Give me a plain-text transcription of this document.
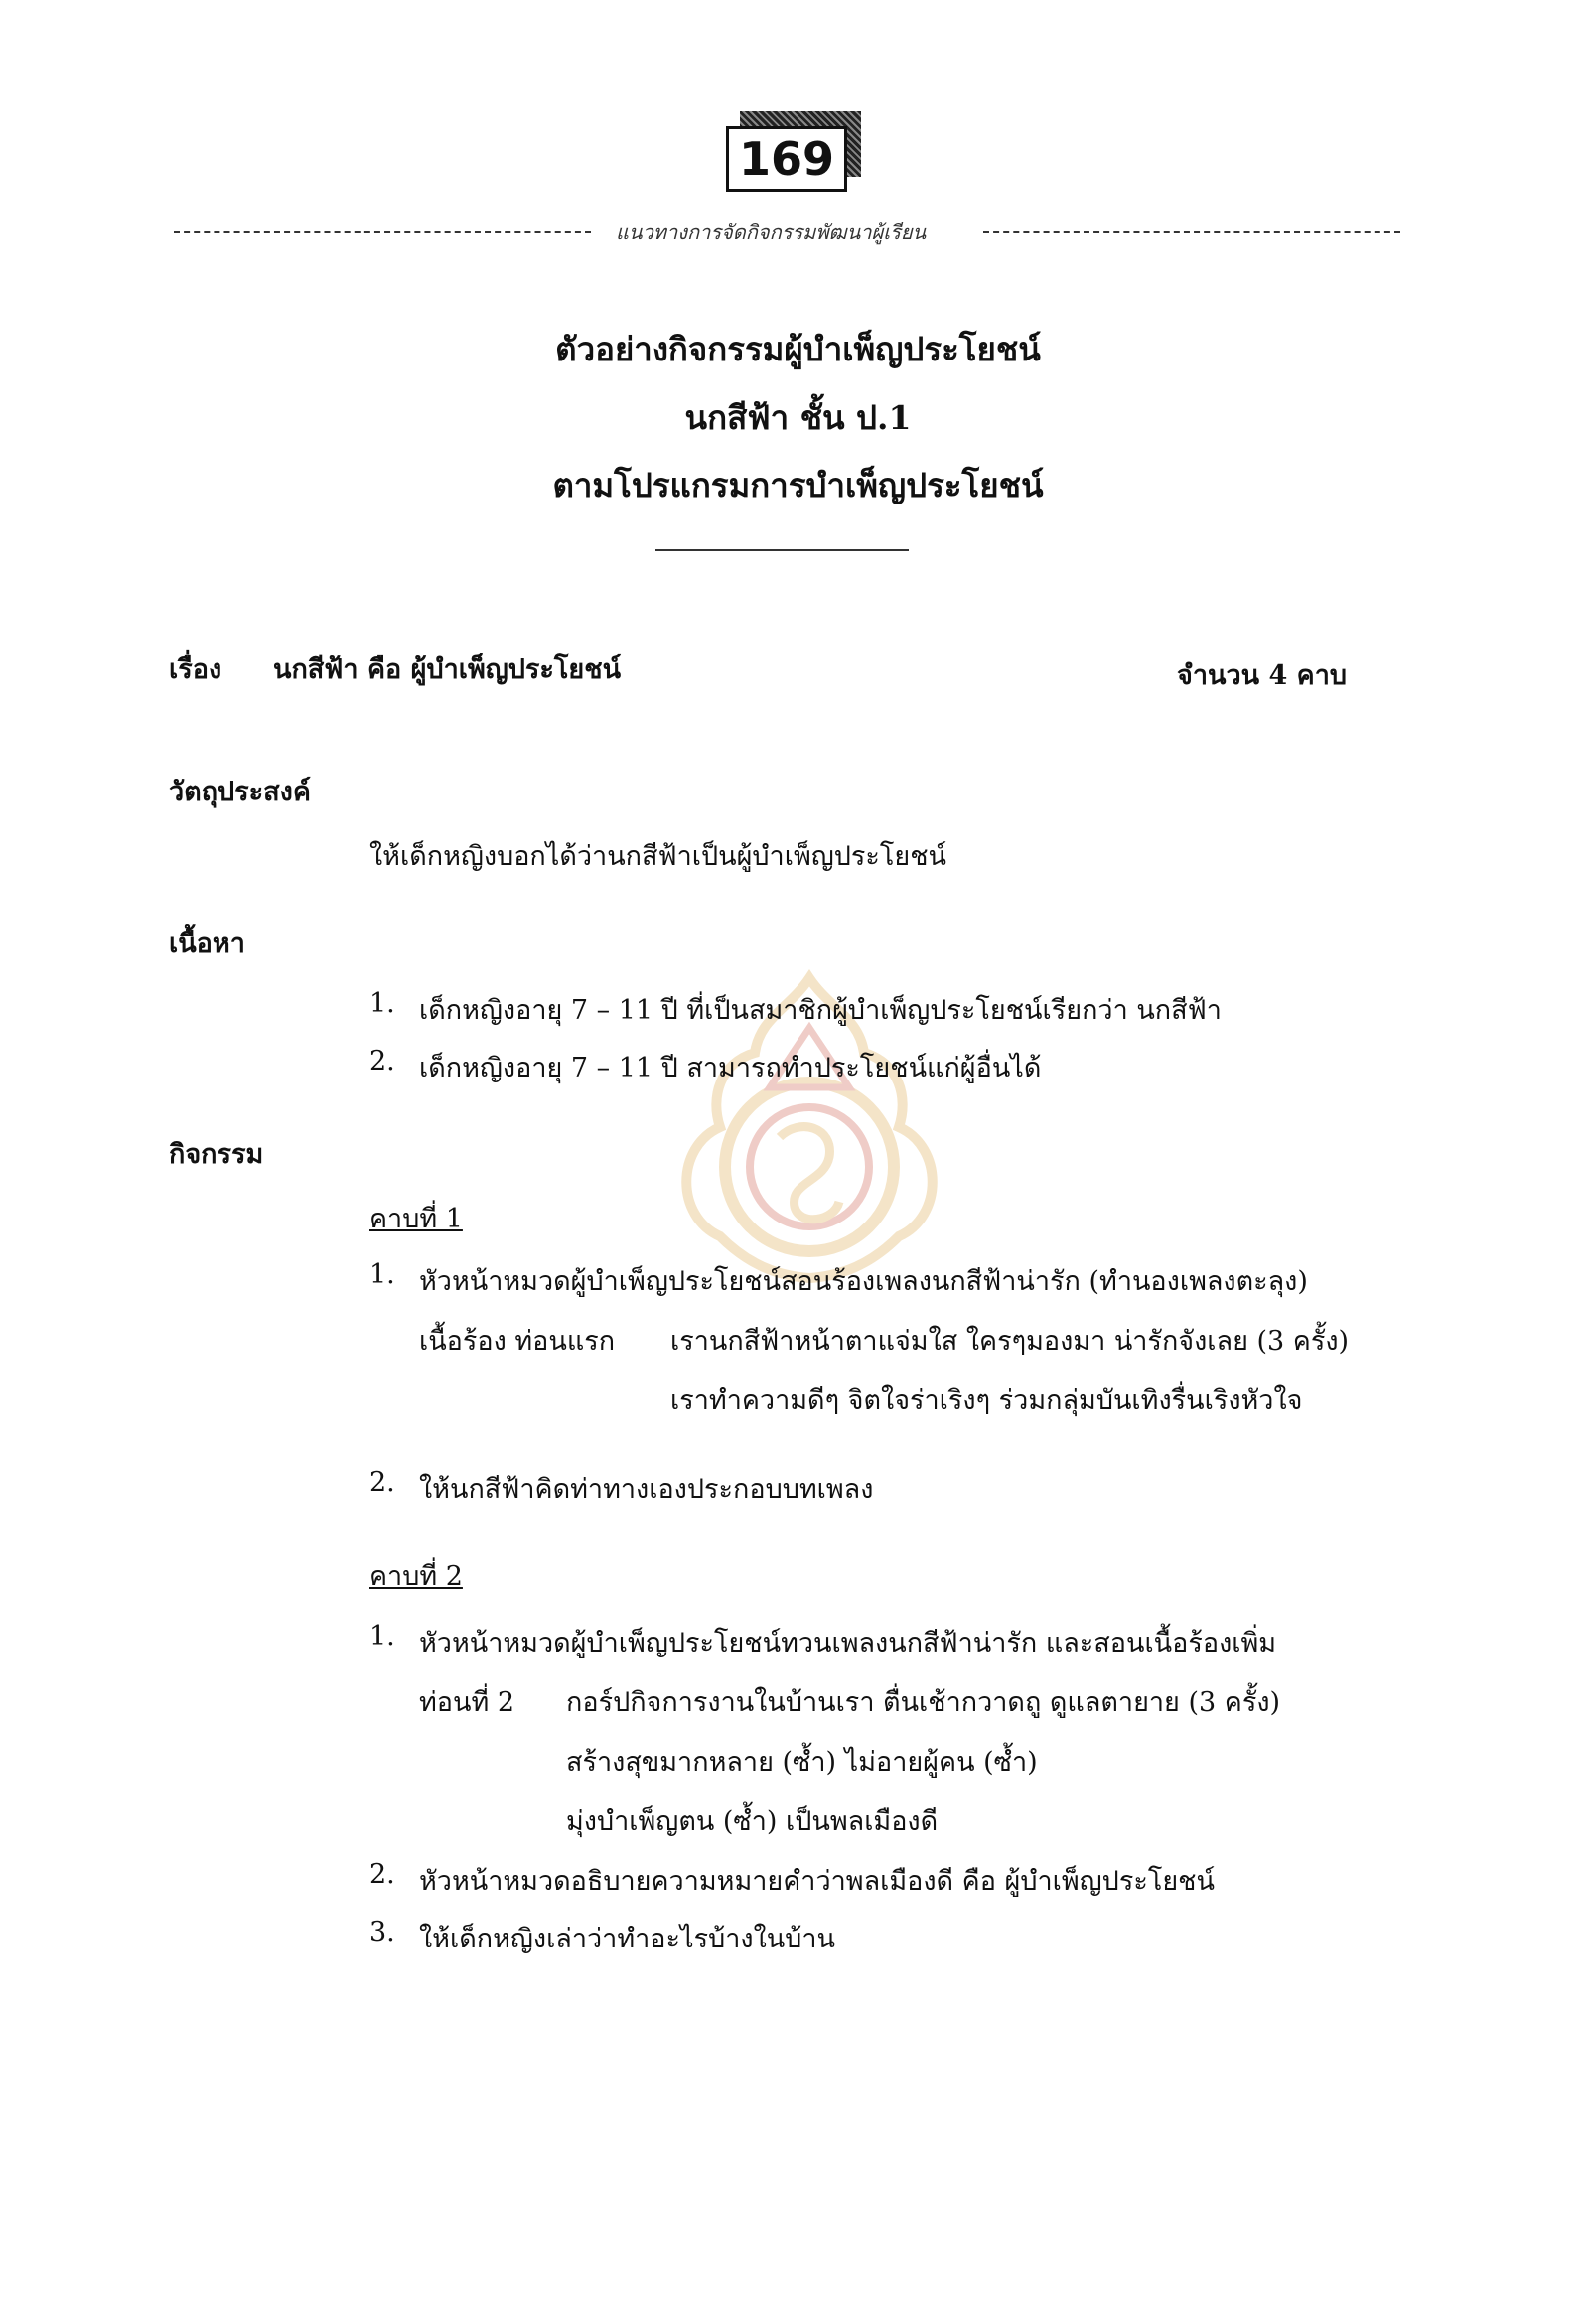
169
แนวทางการจัดกิจกรรมพัฒนาผู้เรียน
ตัวอย่างกิจกรรมผู้บำเพ็ญประโยชน์
นกสีฟ้า ชั้น ป.1
ตามโปรแกรมการบำเพ็ญประโยชน์
เรื่อง นกสีฟ้า คือ ผู้บำเพ็ญประโยชน์	จำนวน 4 คาบ
วัตถุประสงค์
ให้เด็กหญิงบอกได้ว่านกสีฟ้าเป็นผู้บำเพ็ญประโยชน์
เนื้อหา
1. เด็กหญิงอายุ 7 – 11 ปี ที่เป็นสมาชิกผู้บำเพ็ญประโยชน์เรียกว่า นกสีฟ้า
2. เด็กหญิงอายุ 7 – 11 ปี สามารถทำประโยชน์แก่ผู้อื่นได้
กิจกรรม
คาบที่ 1
1. หัวหน้าหมวดผู้บำเพ็ญประโยชน์สอนร้องเพลงนกสีฟ้าน่ารัก (ทำนองเพลงตะลุง)
เนื้อร้อง ท่อนแรก เรานกสีฟ้าหน้าตาแจ่มใส ใครๆมองมา น่ารักจังเลย (3 ครั้ง)
เราทำความดีๆ จิตใจร่าเริงๆ ร่วมกลุ่มบันเทิงรื่นเริงหัวใจ
2. ให้นกสีฟ้าคิดท่าทางเองประกอบบทเพลง
คาบที่ 2
1. หัวหน้าหมวดผู้บำเพ็ญประโยชน์ทวนเพลงนกสีฟ้าน่ารัก และสอนเนื้อร้องเพิ่ม
ท่อนที่ 2 กอร์ปกิจการงานในบ้านเรา ตื่นเช้ากวาดถู ดูแลตายาย (3 ครั้ง)
สร้างสุขมากหลาย (ซ้ำ) ไม่อายผู้คน (ซ้ำ)
มุ่งบำเพ็ญตน (ซ้ำ) เป็นพลเมืองดี
2. หัวหน้าหมวดอธิบายความหมายคำว่าพลเมืองดี คือ ผู้บำเพ็ญประโยชน์
3. ให้เด็กหญิงเล่าว่าทำอะไรบ้างในบ้าน
